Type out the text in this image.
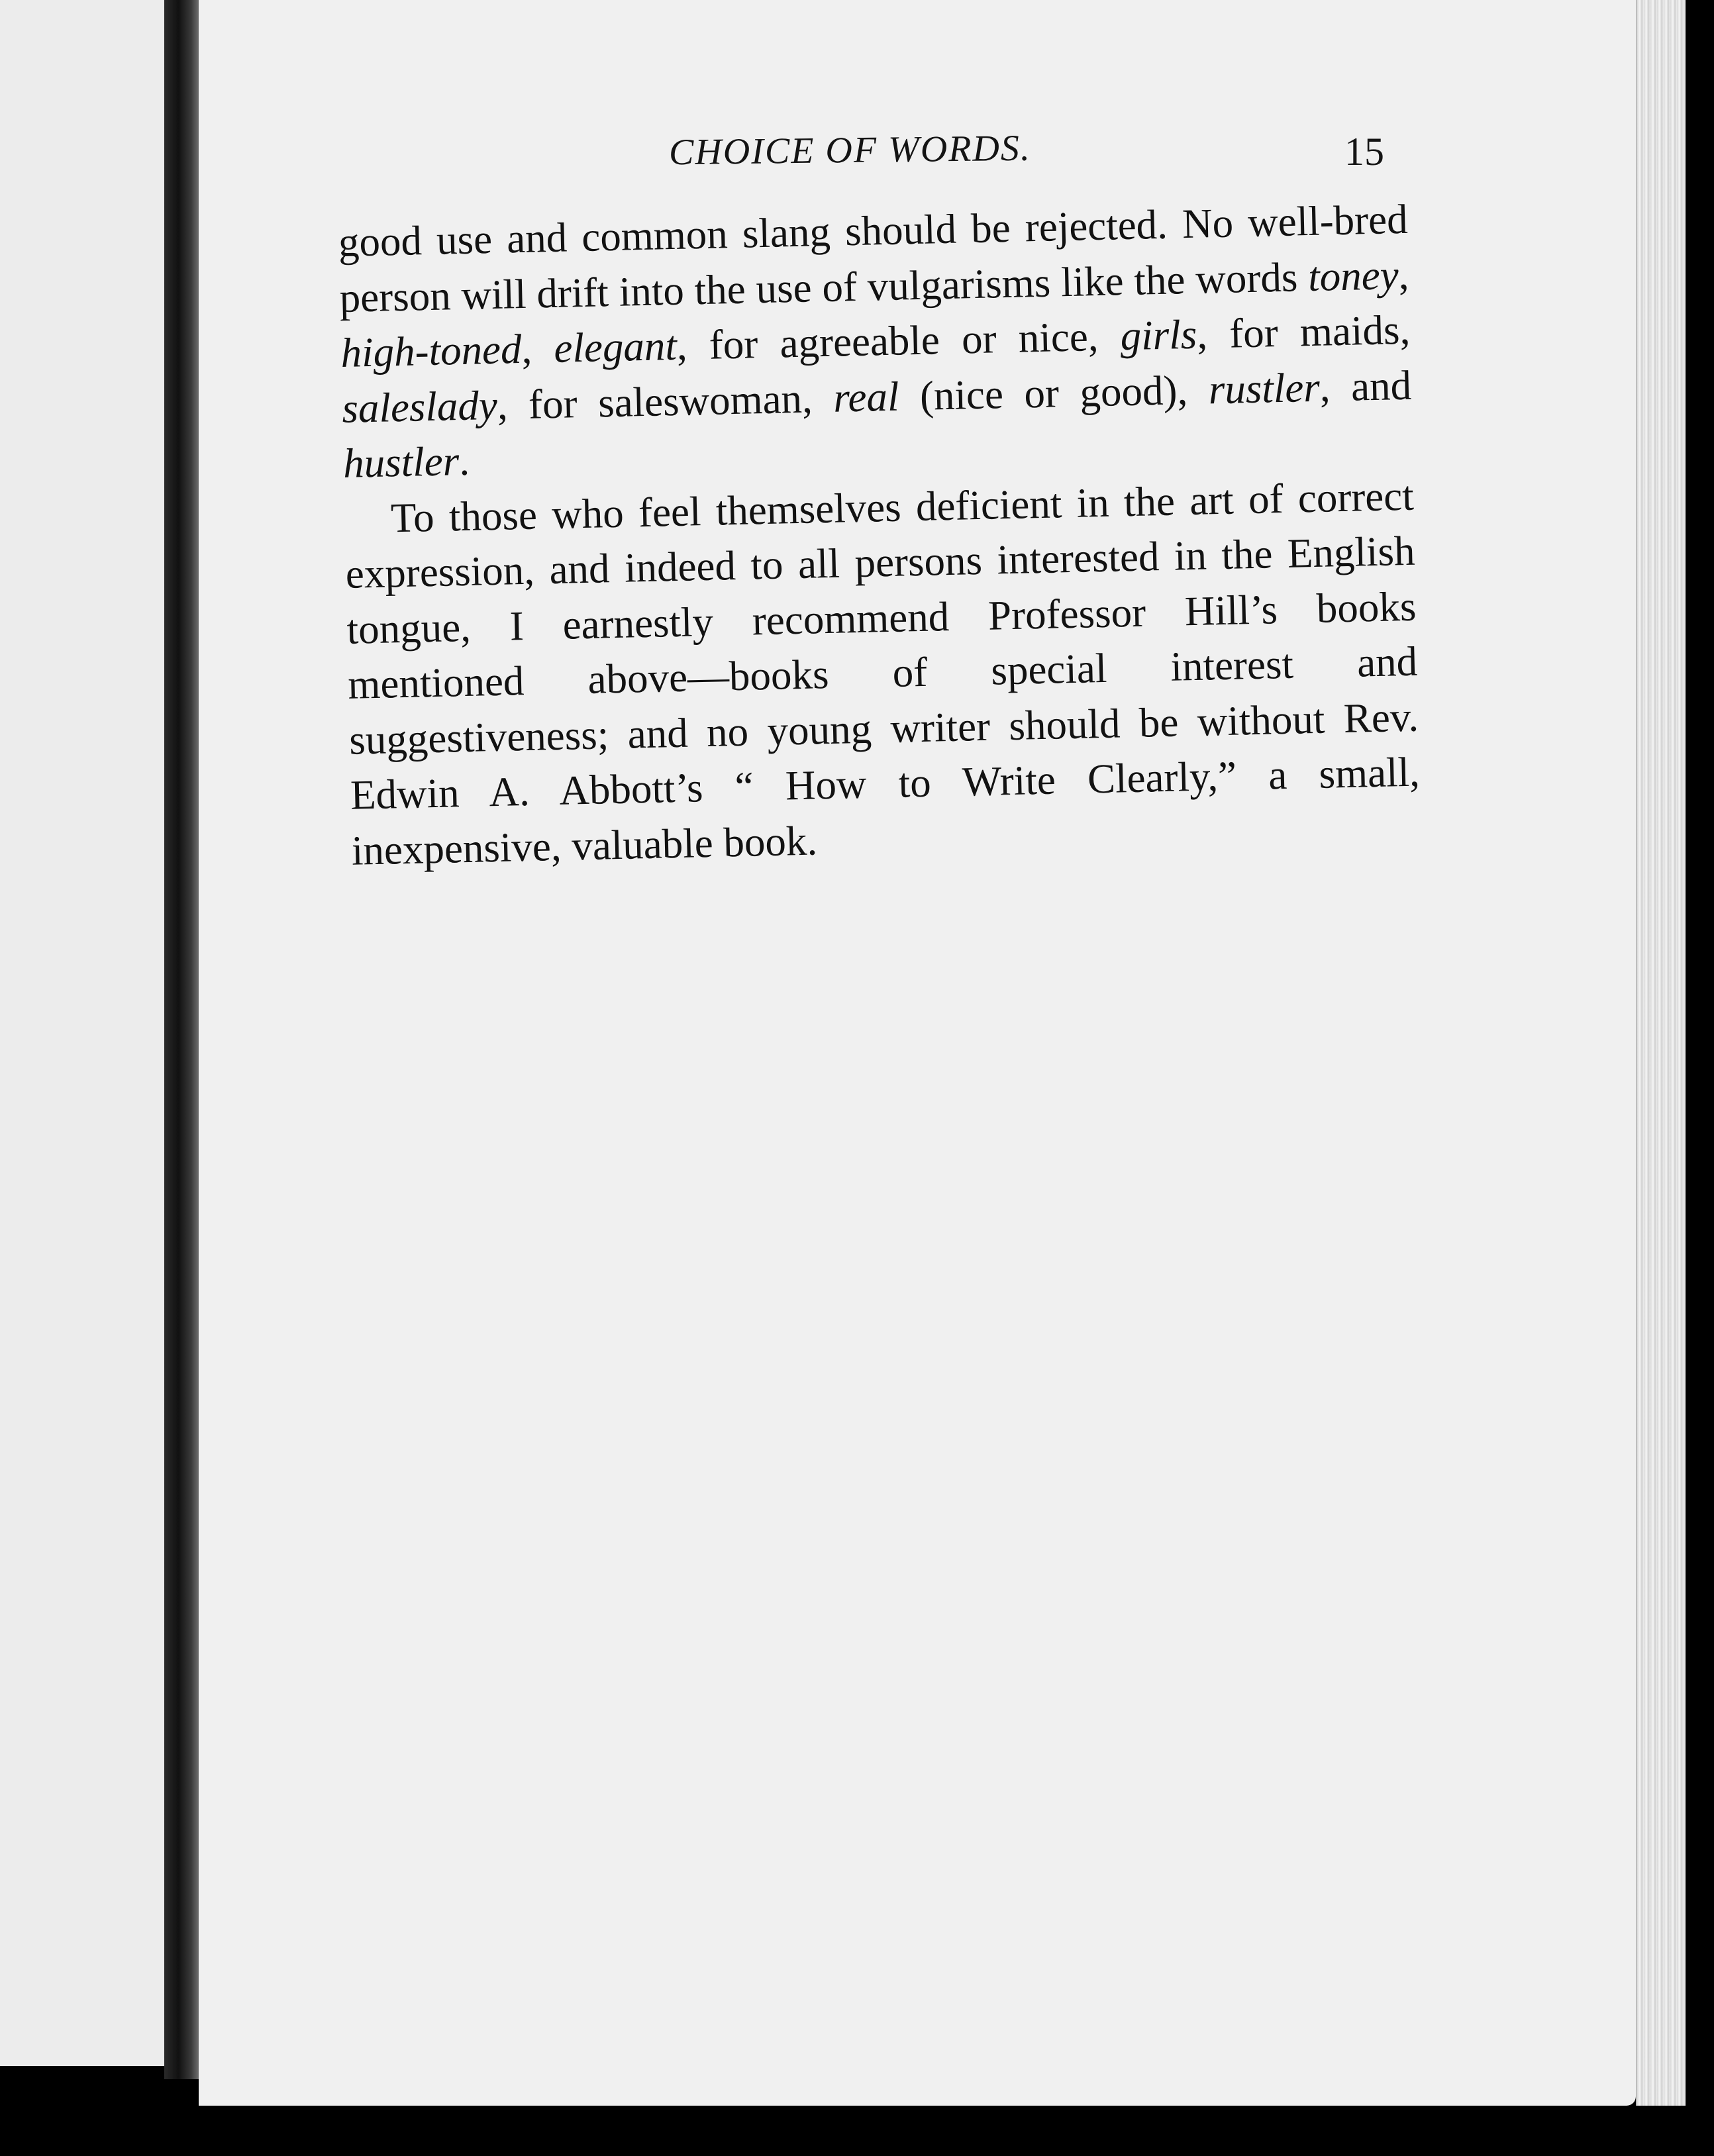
CHOICE OF WORDS.	15

good use and common slang should be rejected. No well-bred person will drift into the use of vulgarisms like the words toney, high-toned, elegant, for agreeable or nice, girls, for maids, saleslady, for saleswoman, real (nice or good), rustler, and hustler.

To those who feel themselves deficient in the art of correct expression, and indeed to all persons interested in the English tongue, I earnestly recommend Professor Hill’s books mentioned above—books of special interest and suggestiveness; and no young writer should be without Rev. Edwin A. Abbott’s “ How to Write Clearly,” a small, inexpensive, valuable book.
